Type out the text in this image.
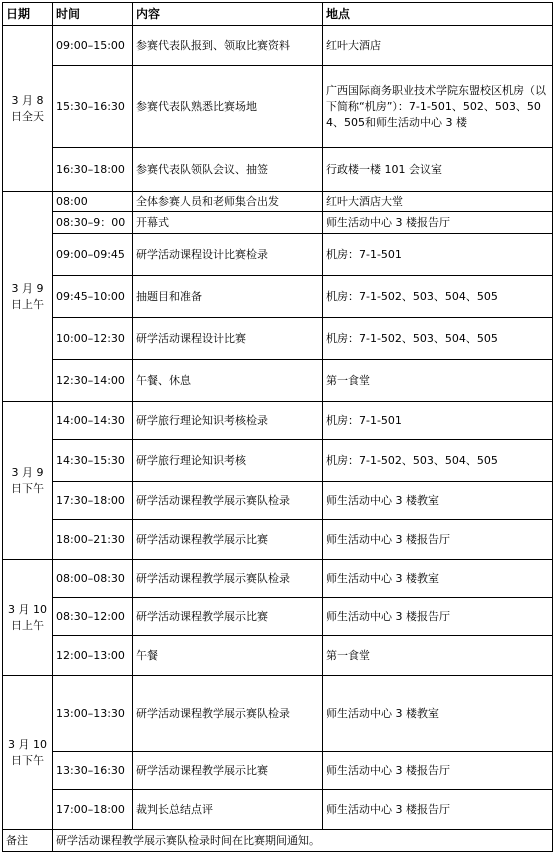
日期	时间	内容	地点
3 月 8 日全天	09:00–15:00	参赛代表队报到、领取比赛资料	红叶大酒店
	15:30–16:30	参赛代表队熟悉比赛场地	广西国际商务职业技术学院东盟校区机房（以下简称“机房”）：7-1-501、502、503、504、505和师生活动中心 3 楼
	16:30–18:00	参赛代表队领队会议、抽签	行政楼一楼 101 会议室
3 月 9 日上午	08:00	全体参赛人员和老师集合出发	红叶大酒店大堂
	08:30–9：00	开幕式	师生活动中心 3 楼报告厅
	09:00–09:45	研学活动课程设计比赛检录	机房：7-1-501
	09:45–10:00	抽题目和准备	机房：7-1-502、503、504、505
	10:00–12:30	研学活动课程设计比赛	机房：7-1-502、503、504、505
	12:30–14:00	午餐、休息	第一食堂
3 月 9 日下午	14:00–14:30	研学旅行理论知识考核检录	机房：7-1-501
	14:30–15:30	研学旅行理论知识考核	机房：7-1-502、503、504、505
	17:30–18:00	研学活动课程教学展示赛队检录	师生活动中心 3 楼教室
	18:00–21:30	研学活动课程教学展示比赛	师生活动中心 3 楼报告厅
3 月 10 日上午	08:00–08:30	研学活动课程教学展示赛队检录	师生活动中心 3 楼教室
	08:30–12:00	研学活动课程教学展示比赛	师生活动中心 3 楼报告厅
	12:00–13:00	午餐	第一食堂
3 月 10 日下午	13:00–13:30	研学活动课程教学展示赛队检录	师生活动中心 3 楼教室
	13:30–16:30	研学活动课程教学展示比赛	师生活动中心 3 楼报告厅
	17:00–18:00	裁判长总结点评	师生活动中心 3 楼报告厅
备注	研学活动课程教学展示赛队检录时间在比赛期间通知。		
